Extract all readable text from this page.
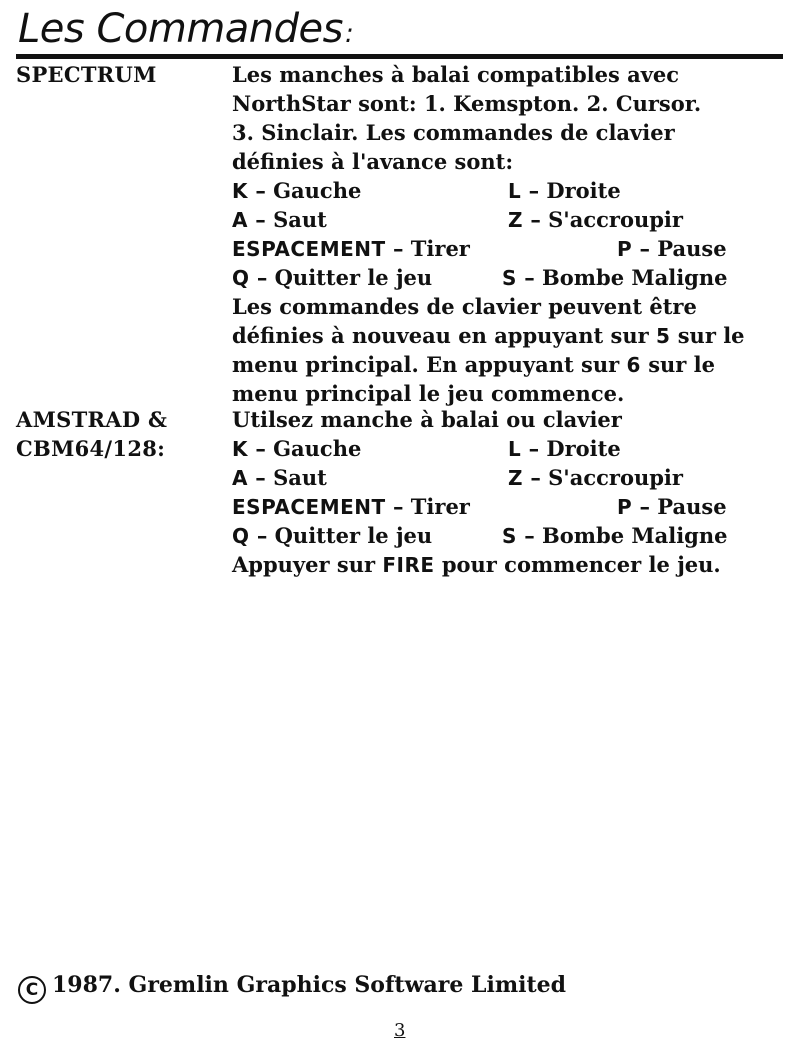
Les Commandes:
SPECTRUM	Les manches à balai compatibles avec
NorthStar sont: 1. Kemspton. 2. Cursor.
3. Sinclair. Les commandes de clavier
définies à l'avance sont:
K – Gauche	L – Droite
A – Saut	Z – S'accroupir
ESPACEMENT – Tirer	P – Pause
Q – Quitter le jeu	S – Bombe Maligne
Les commandes de clavier peuvent être
définies à nouveau en appuyant sur 5 sur le
menu principal. En appuyant sur 6 sur le
menu principal le jeu commence.
AMSTRAD &
CBM64/128:
Utilsez manche à balai ou clavier
K – Gauche	L – Droite
A – Saut	Z – S'accroupir
ESPACEMENT – Tirer	P – Pause
Q – Quitter le jeu	S – Bombe Maligne
Appuyer sur FIRE pour commencer le jeu.
C 1987. Gremlin Graphics Software Limited
3
